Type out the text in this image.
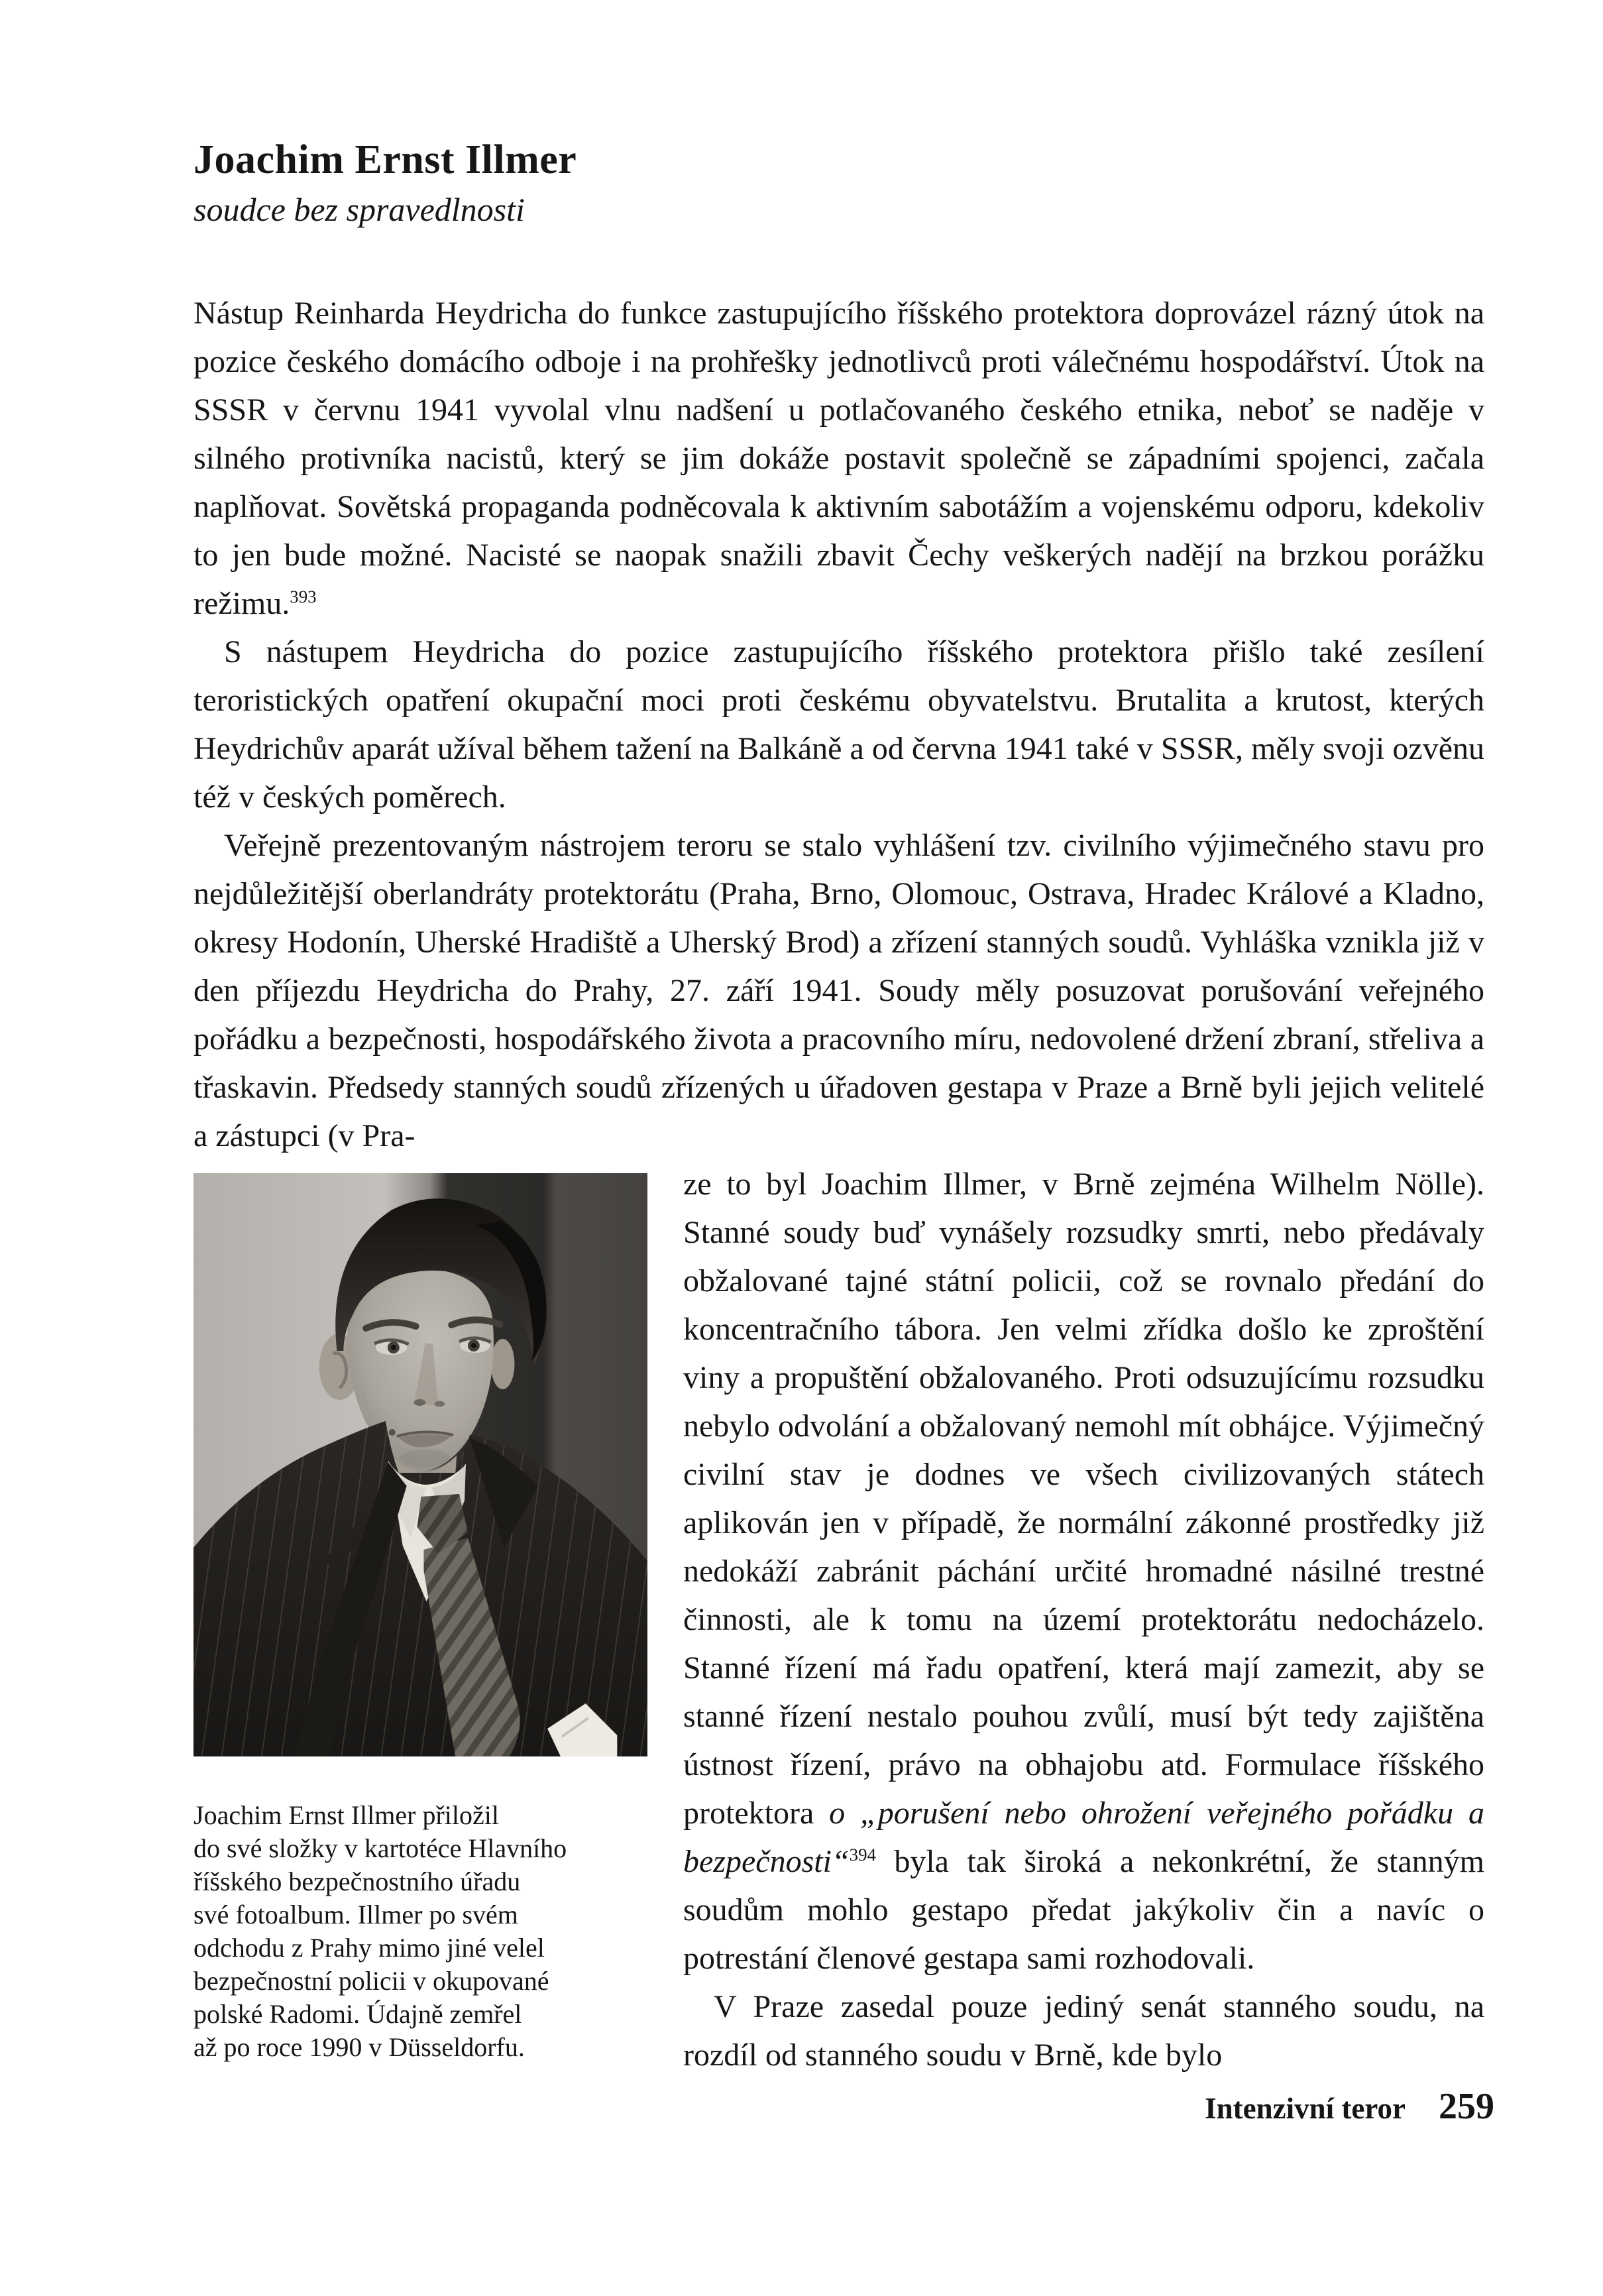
Joachim Ernst Illmer
soudce bez spravedlnosti

Nástup Reinharda Heydricha do funkce zastupujícího říšského protektora doprovázel rázný útok na pozice českého domácího odboje i na prohřešky jednotlivců proti válečnému hospodářství. Útok na SSSR v červnu 1941 vyvolal vlnu nadšení u potlačovaného českého etnika, neboť se naděje v silného protivníka nacistů, který se jim dokáže postavit společně se západními spojenci, začala naplňovat. Sovětská propaganda podněcovala k aktivním sabotážím a vojenskému odporu, kdekoliv to jen bude možné. Nacisté se naopak snažili zbavit Čechy veškerých nadějí na brzkou porážku režimu.$^{393}$

S nástupem Heydricha do pozice zastupujícího říšského protektora přišlo také zesílení teroristických opatření okupační moci proti českému obyvatelstvu. Brutalita a krutost, kterých Heydrichův aparát užíval během tažení na Balkáně a od června 1941 také v SSSR, měly svoji ozvěnu též v českých poměrech.

Veřejně prezentovaným nástrojem teroru se stalo vyhlášení tzv. civilního výjimečného stavu pro nejdůležitější oberlandráty protektorátu (Praha, Brno, Olomouc, Ostrava, Hradec Králové a Kladno, okresy Hodonín, Uherské Hradiště a Uherský Brod) a zřízení stanných soudů. Vyhláška vznikla již v den příjezdu Heydricha do Prahy, 27. září 1941. Soudy měly posuzovat porušování veřejného pořádku a bezpečnosti, hospodářského života a pracovního míru, nedovolené držení zbraní, střeliva a třaskavin. Předsedy stanných soudů zřízených u úřadoven gestapa v Praze a Brně byli jejich velitelé a zástupci (v Pra-

Joachim Ernst Illmer přiložil
do své složky v kartotéce Hlavního
říšského bezpečnostního úřadu
své fotoalbum. Illmer po svém
odchodu z Prahy mimo jiné velel
bezpečnostní policii v okupované
polské Radomi. Údajně zemřel
až po roce 1990 v Düsseldorfu.

ze to byl Joachim Illmer, v Brně zejména Wilhelm Nölle). Stanné soudy buď vynášely rozsudky smrti, nebo předávaly obžalované tajné státní policii, což se rovnalo předání do koncentračního tábora. Jen velmi zřídka došlo ke zproštění viny a propuštění obžalovaného. Proti odsuzujícímu rozsudku nebylo odvolání a obžalovaný nemohl mít obhájce. Výjimečný civilní stav je dodnes ve všech civilizovaných státech aplikován jen v případě, že normální zákonné prostředky již nedokáží zabránit páchání určité hromadné násilné trestné činnosti, ale k tomu na území protektorátu nedocházelo. Stanné řízení má řadu opatření, která mají zamezit, aby se stanné řízení nestalo pouhou zvůlí, musí být tedy zajištěna ústnost řízení, právo na obhajobu atd. Formulace říšského protektora o „porušení nebo ohrožení veřejného pořádku a bezpečnosti“$^{394}$ byla tak široká a nekonkrétní, že stanným soudům mohlo gestapo předat jakýkoliv čin a navíc o potrestání členové gestapa sami rozhodovali.

V Praze zasedal pouze jediný senát stanného soudu, na rozdíl od stanného soudu v Brně, kde bylo

Intenzivní teror 259
